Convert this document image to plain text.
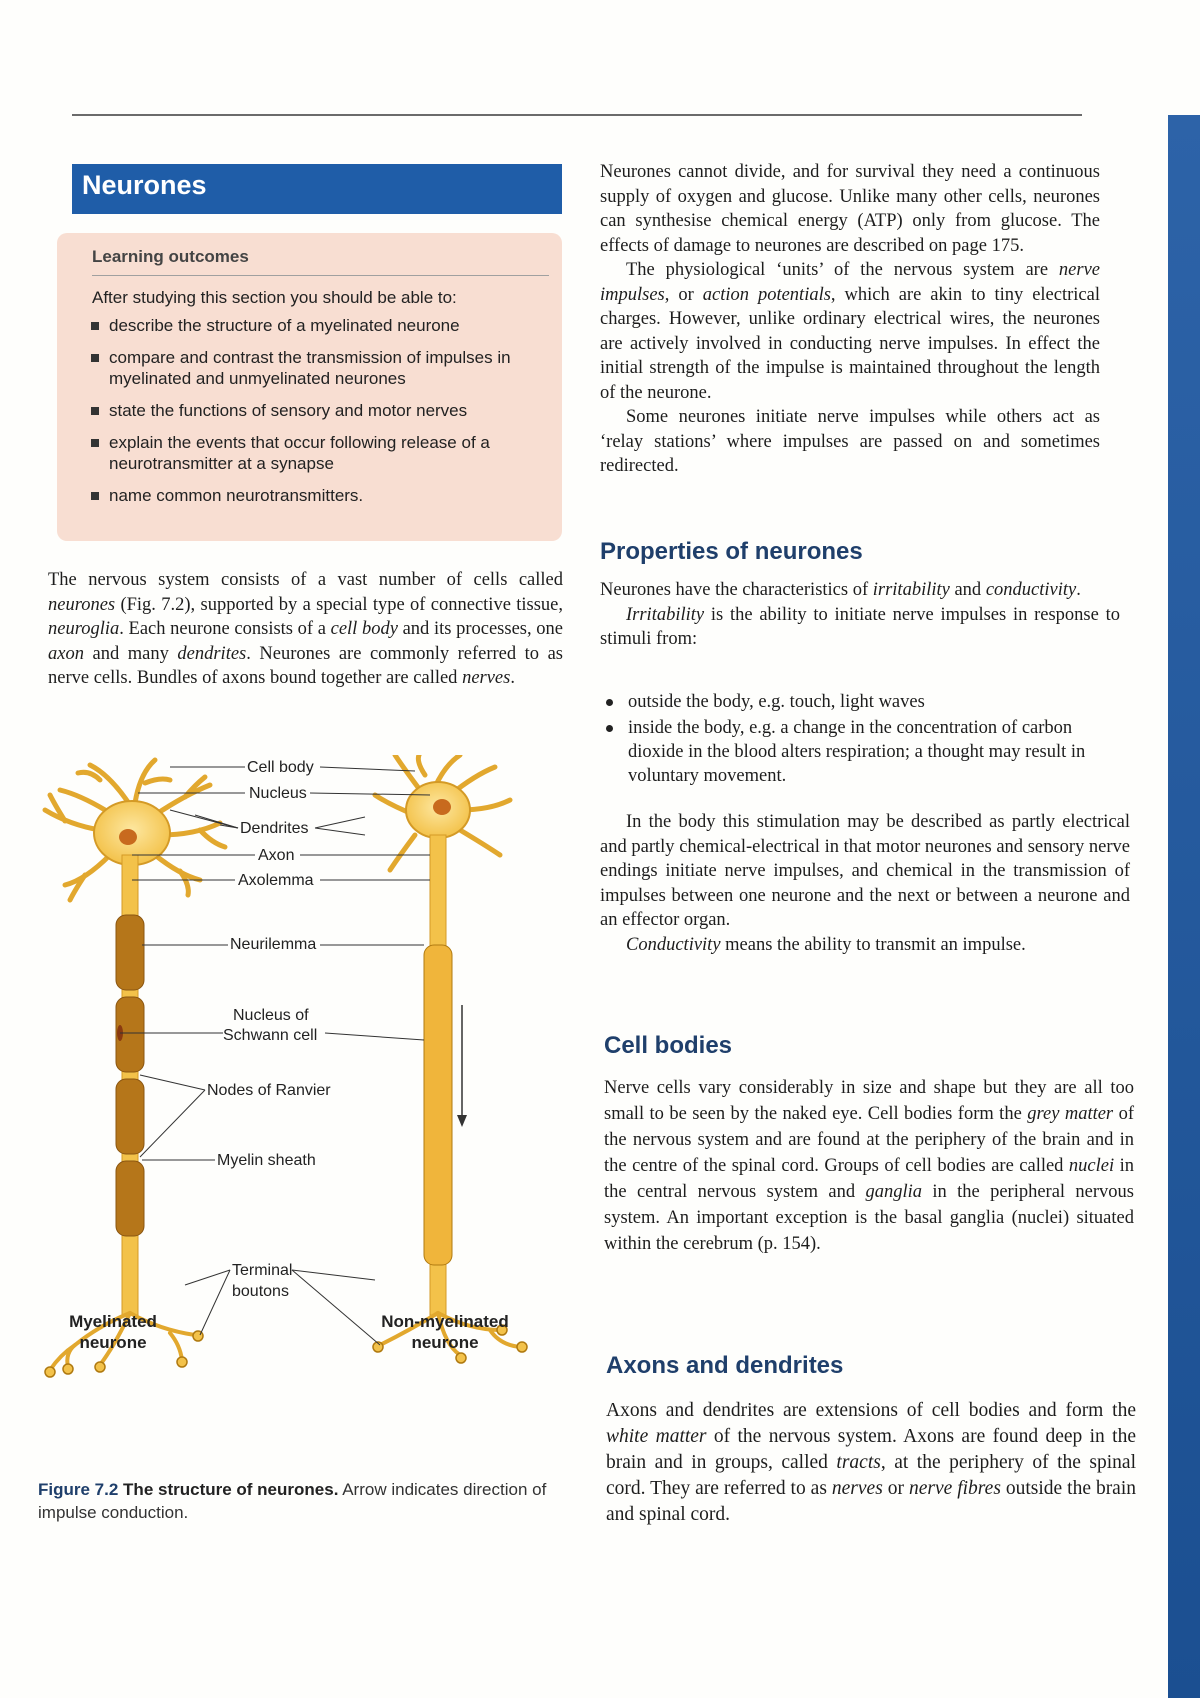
Neurones
Learning outcomes
After studying this section you should be able to:
describe the structure of a myelinated neurone
compare and contrast the transmission of impulses in myelinated and unmyelinated neurones
state the functions of sensory and motor nerves
explain the events that occur following release of a neurotransmitter at a synapse
name common neurotransmitters.

The nervous system consists of a vast number of cells called neurones (Fig. 7.2), supported by a special type of connective tissue, neuroglia. Each neurone consists of a cell body and its processes, one axon and many dendrites. Neurones are commonly referred to as nerve cells. Bundles of axons bound together are called nerves.

Cell body
Nucleus
Dendrites
Axon
Axolemma
Neurilemma
Nucleus of
Schwann cell
Nodes of Ranvier
Myelin sheath
Terminal
boutons
Myelinated
neurone
Non-myelinated
neurone
Figure 7.2 The structure of neurones. Arrow indicates direction of impulse conduction.

Neurones cannot divide, and for survival they need a continuous supply of oxygen and glucose. Unlike many other cells, neurones can synthesise chemical energy (ATP) only from glucose. The effects of damage to neurones are described on page 175.

The physiological ‘units’ of the nervous system are nerve impulses, or action potentials, which are akin to tiny electrical charges. However, unlike ordinary electrical wires, the neurones are actively involved in conducting nerve impulses. In effect the initial strength of the impulse is maintained throughout the length of the neurone.

Some neurones initiate nerve impulses while others act as ‘relay stations’ where impulses are passed on and sometimes redirected.

Properties of neurones

Neurones have the characteristics of irritability and conductivity.

Irritability is the ability to initiate nerve impulses in response to stimuli from:

outside the body, e.g. touch, light waves
inside the body, e.g. a change in the concentration of carbon dioxide in the blood alters respiration; a thought may result in voluntary movement.

In the body this stimulation may be described as partly electrical and partly chemical-electrical in that motor neurones and sensory nerve endings initiate nerve impulses, and chemical in the transmission of impulses between one neurone and the next or between a neurone and an effector organ.

Conductivity means the ability to transmit an impulse.

Cell bodies

Nerve cells vary considerably in size and shape but they are all too small to be seen by the naked eye. Cell bodies form the grey matter of the nervous system and are found at the periphery of the brain and in the centre of the spinal cord. Groups of cell bodies are called nuclei in the central nervous system and ganglia in the peripheral nervous system. An important exception is the basal ganglia (nuclei) situated within the cerebrum (p. 154).

Axons and dendrites

Axons and dendrites are extensions of cell bodies and form the white matter of the nervous system. Axons are found deep in the brain and in groups, called tracts, at the periphery of the spinal cord. They are referred to as nerves or nerve fibres outside the brain and spinal cord.
